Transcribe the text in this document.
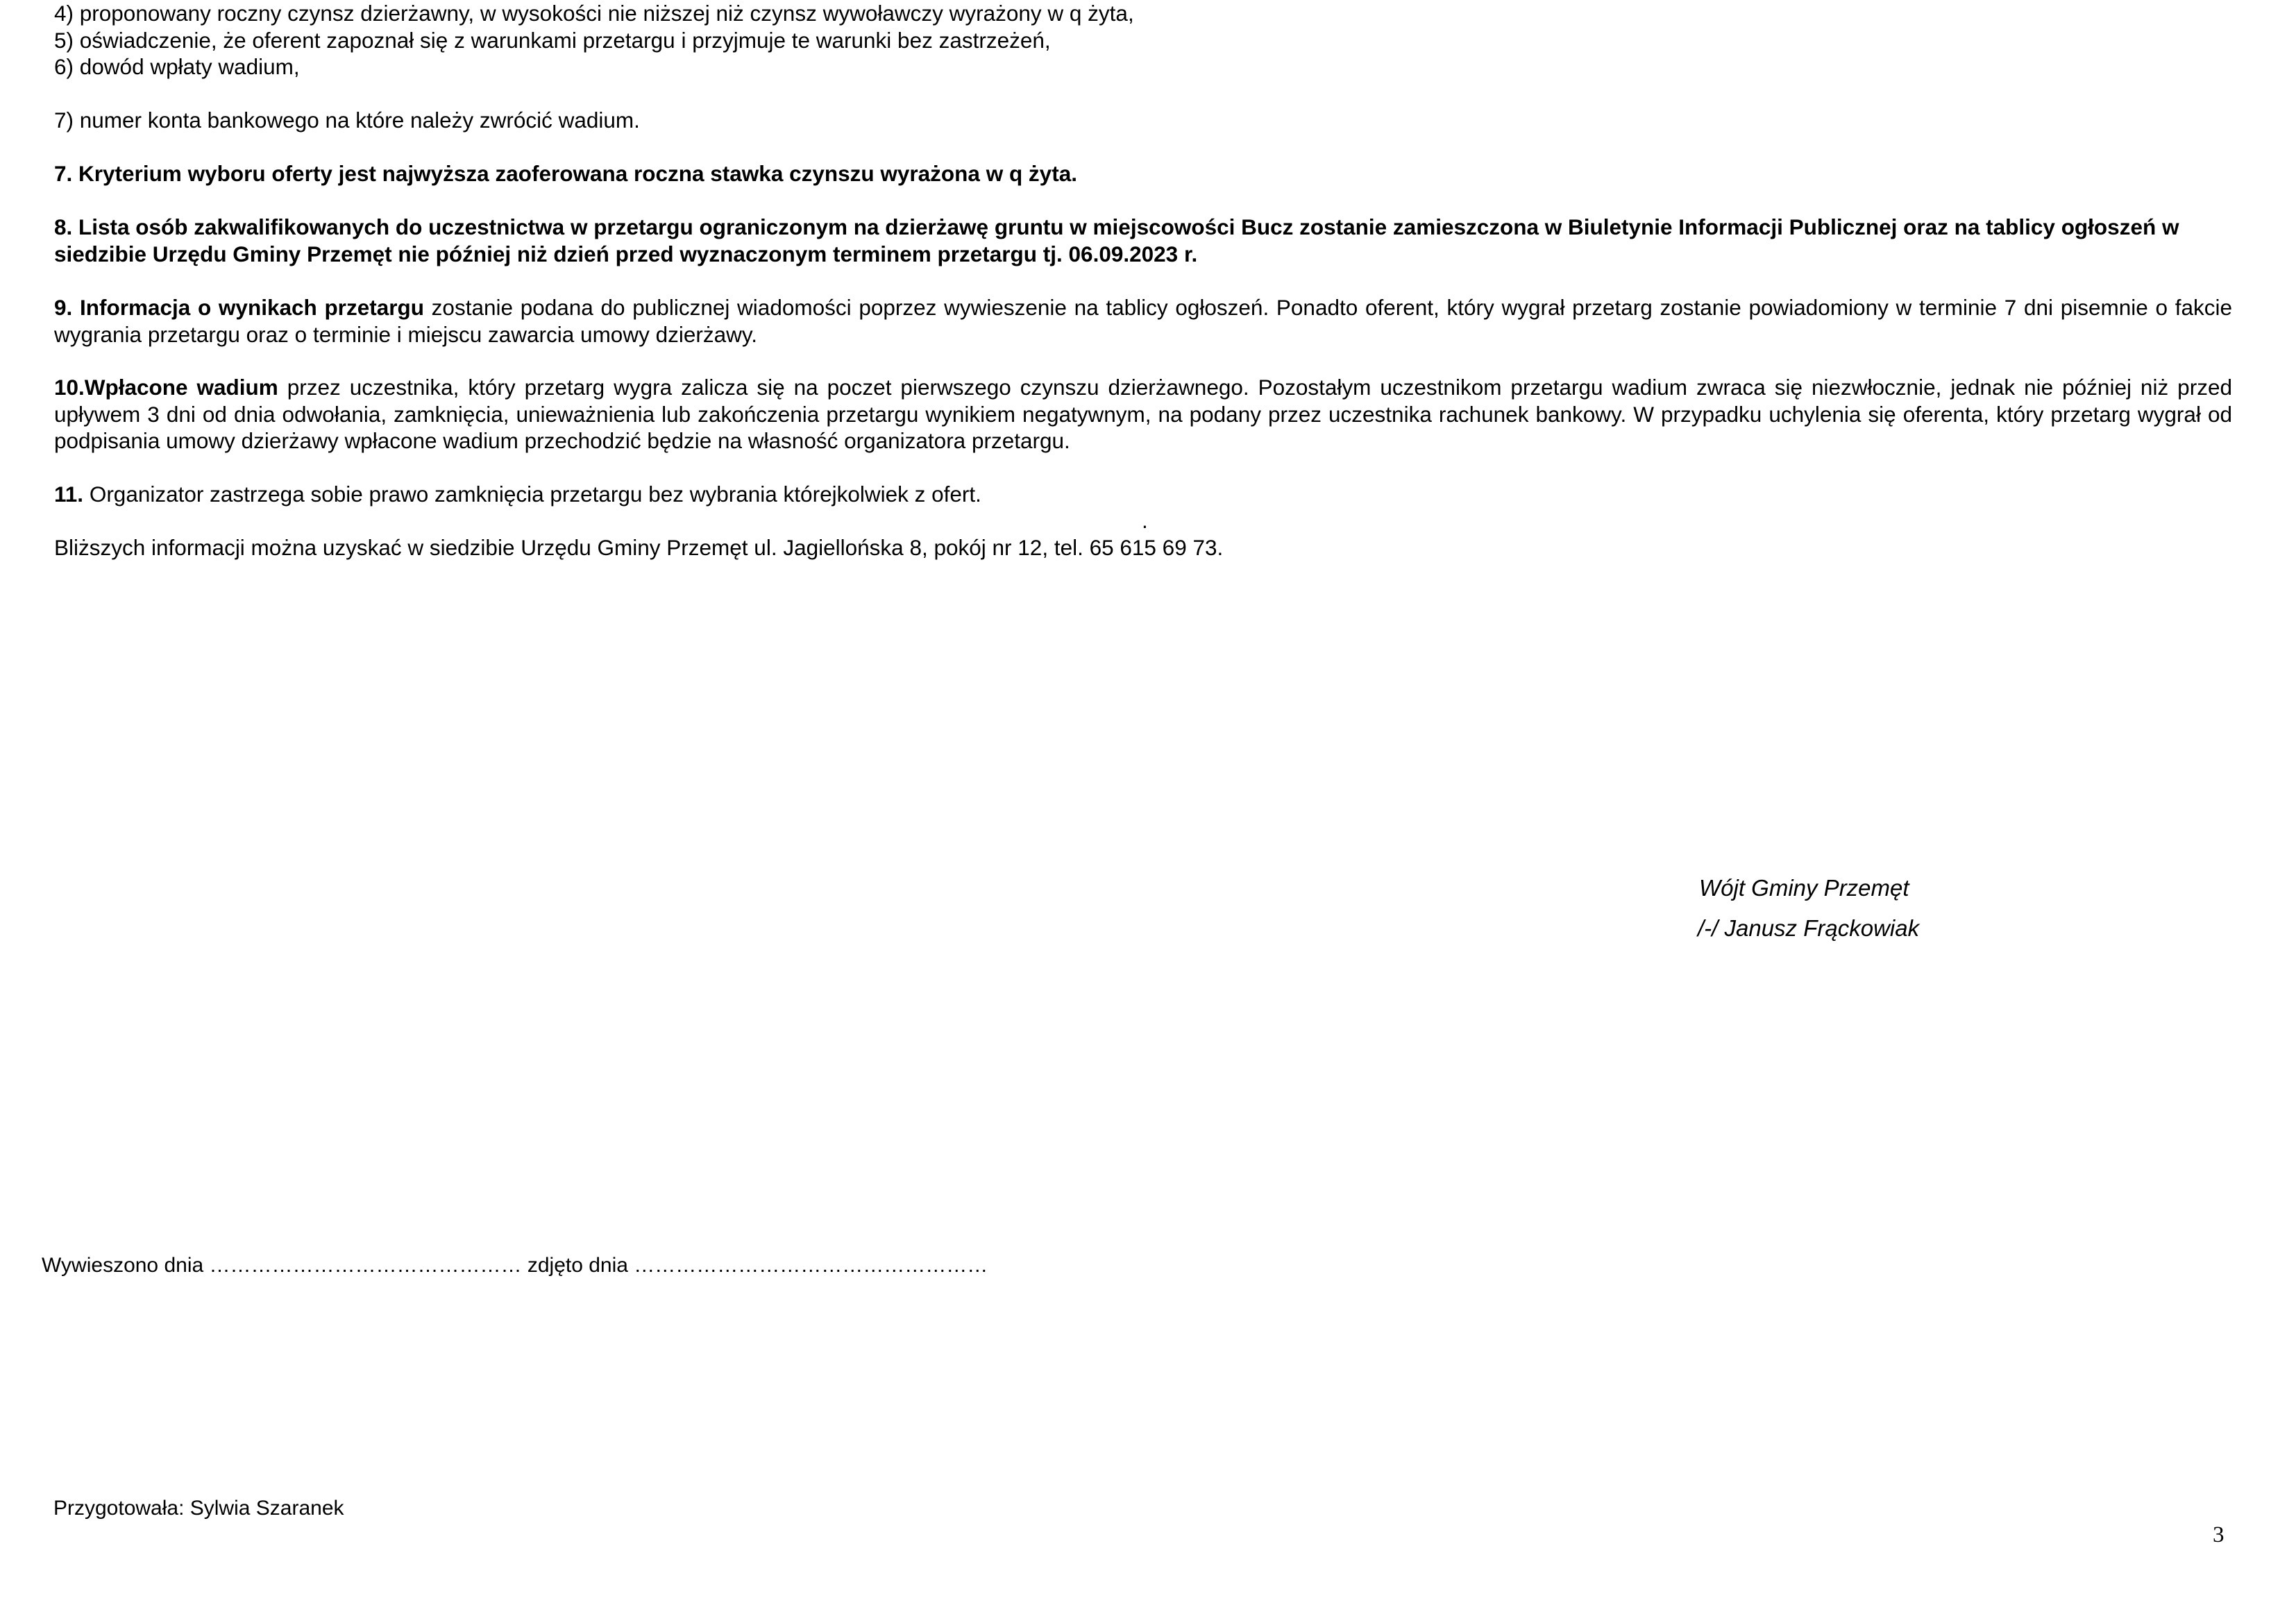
4) proponowany roczny czynsz dzierżawny, w wysokości nie niższej niż czynsz wywoławczy wyrażony w q żyta,
5) oświadczenie, że oferent zapoznał się z warunkami przetargu i przyjmuje te warunki bez zastrzeżeń,
6) dowód wpłaty wadium,

7) numer konta bankowego na które należy zwrócić wadium.

7. Kryterium wyboru oferty jest najwyższa zaoferowana roczna stawka czynszu wyrażona w q żyta.

8. Lista osób zakwalifikowanych do uczestnictwa w przetargu ograniczonym na dzierżawę gruntu w miejscowości Bucz zostanie zamieszczona w Biuletynie Informacji Publicznej oraz na tablicy ogłoszeń w siedzibie Urzędu Gminy Przemęt nie później niż dzień przed wyznaczonym terminem przetargu tj. 06.09.2023 r.

9. Informacja o wynikach przetargu zostanie podana do publicznej wiadomości poprzez wywieszenie na tablicy ogłoszeń. Ponadto oferent, który wygrał przetarg zostanie powiadomiony w terminie 7 dni pisemnie o fakcie wygrania przetargu oraz o terminie i miejscu zawarcia umowy dzierżawy.

10.Wpłacone wadium przez uczestnika, który przetarg wygra zalicza się na poczet pierwszego czynszu dzierżawnego. Pozostałym uczestnikom przetargu wadium zwraca się niezwłocznie, jednak nie później niż przed upływem 3 dni od dnia odwołania, zamknięcia, unieważnienia lub zakończenia przetargu wynikiem negatywnym, na podany przez uczestnika rachunek bankowy. W przypadku uchylenia się oferenta, który przetarg wygrał od podpisania umowy dzierżawy wpłacone wadium przechodzić będzie na własność organizatora przetargu.

11. Organizator zastrzega sobie prawo zamknięcia przetargu bez wybrania którejkolwiek z ofert.

.

Bliższych informacji można uzyskać w siedzibie Urzędu Gminy Przemęt ul. Jagiellońska 8, pokój nr 12, tel. 65 615 69 73.

Wójt Gminy Przemęt
/-/ Janusz Frąckowiak
Wywieszono dnia ……………………………………… zdjęto dnia ……………………………………………
Przygotowała: Sylwia Szaranek
3
